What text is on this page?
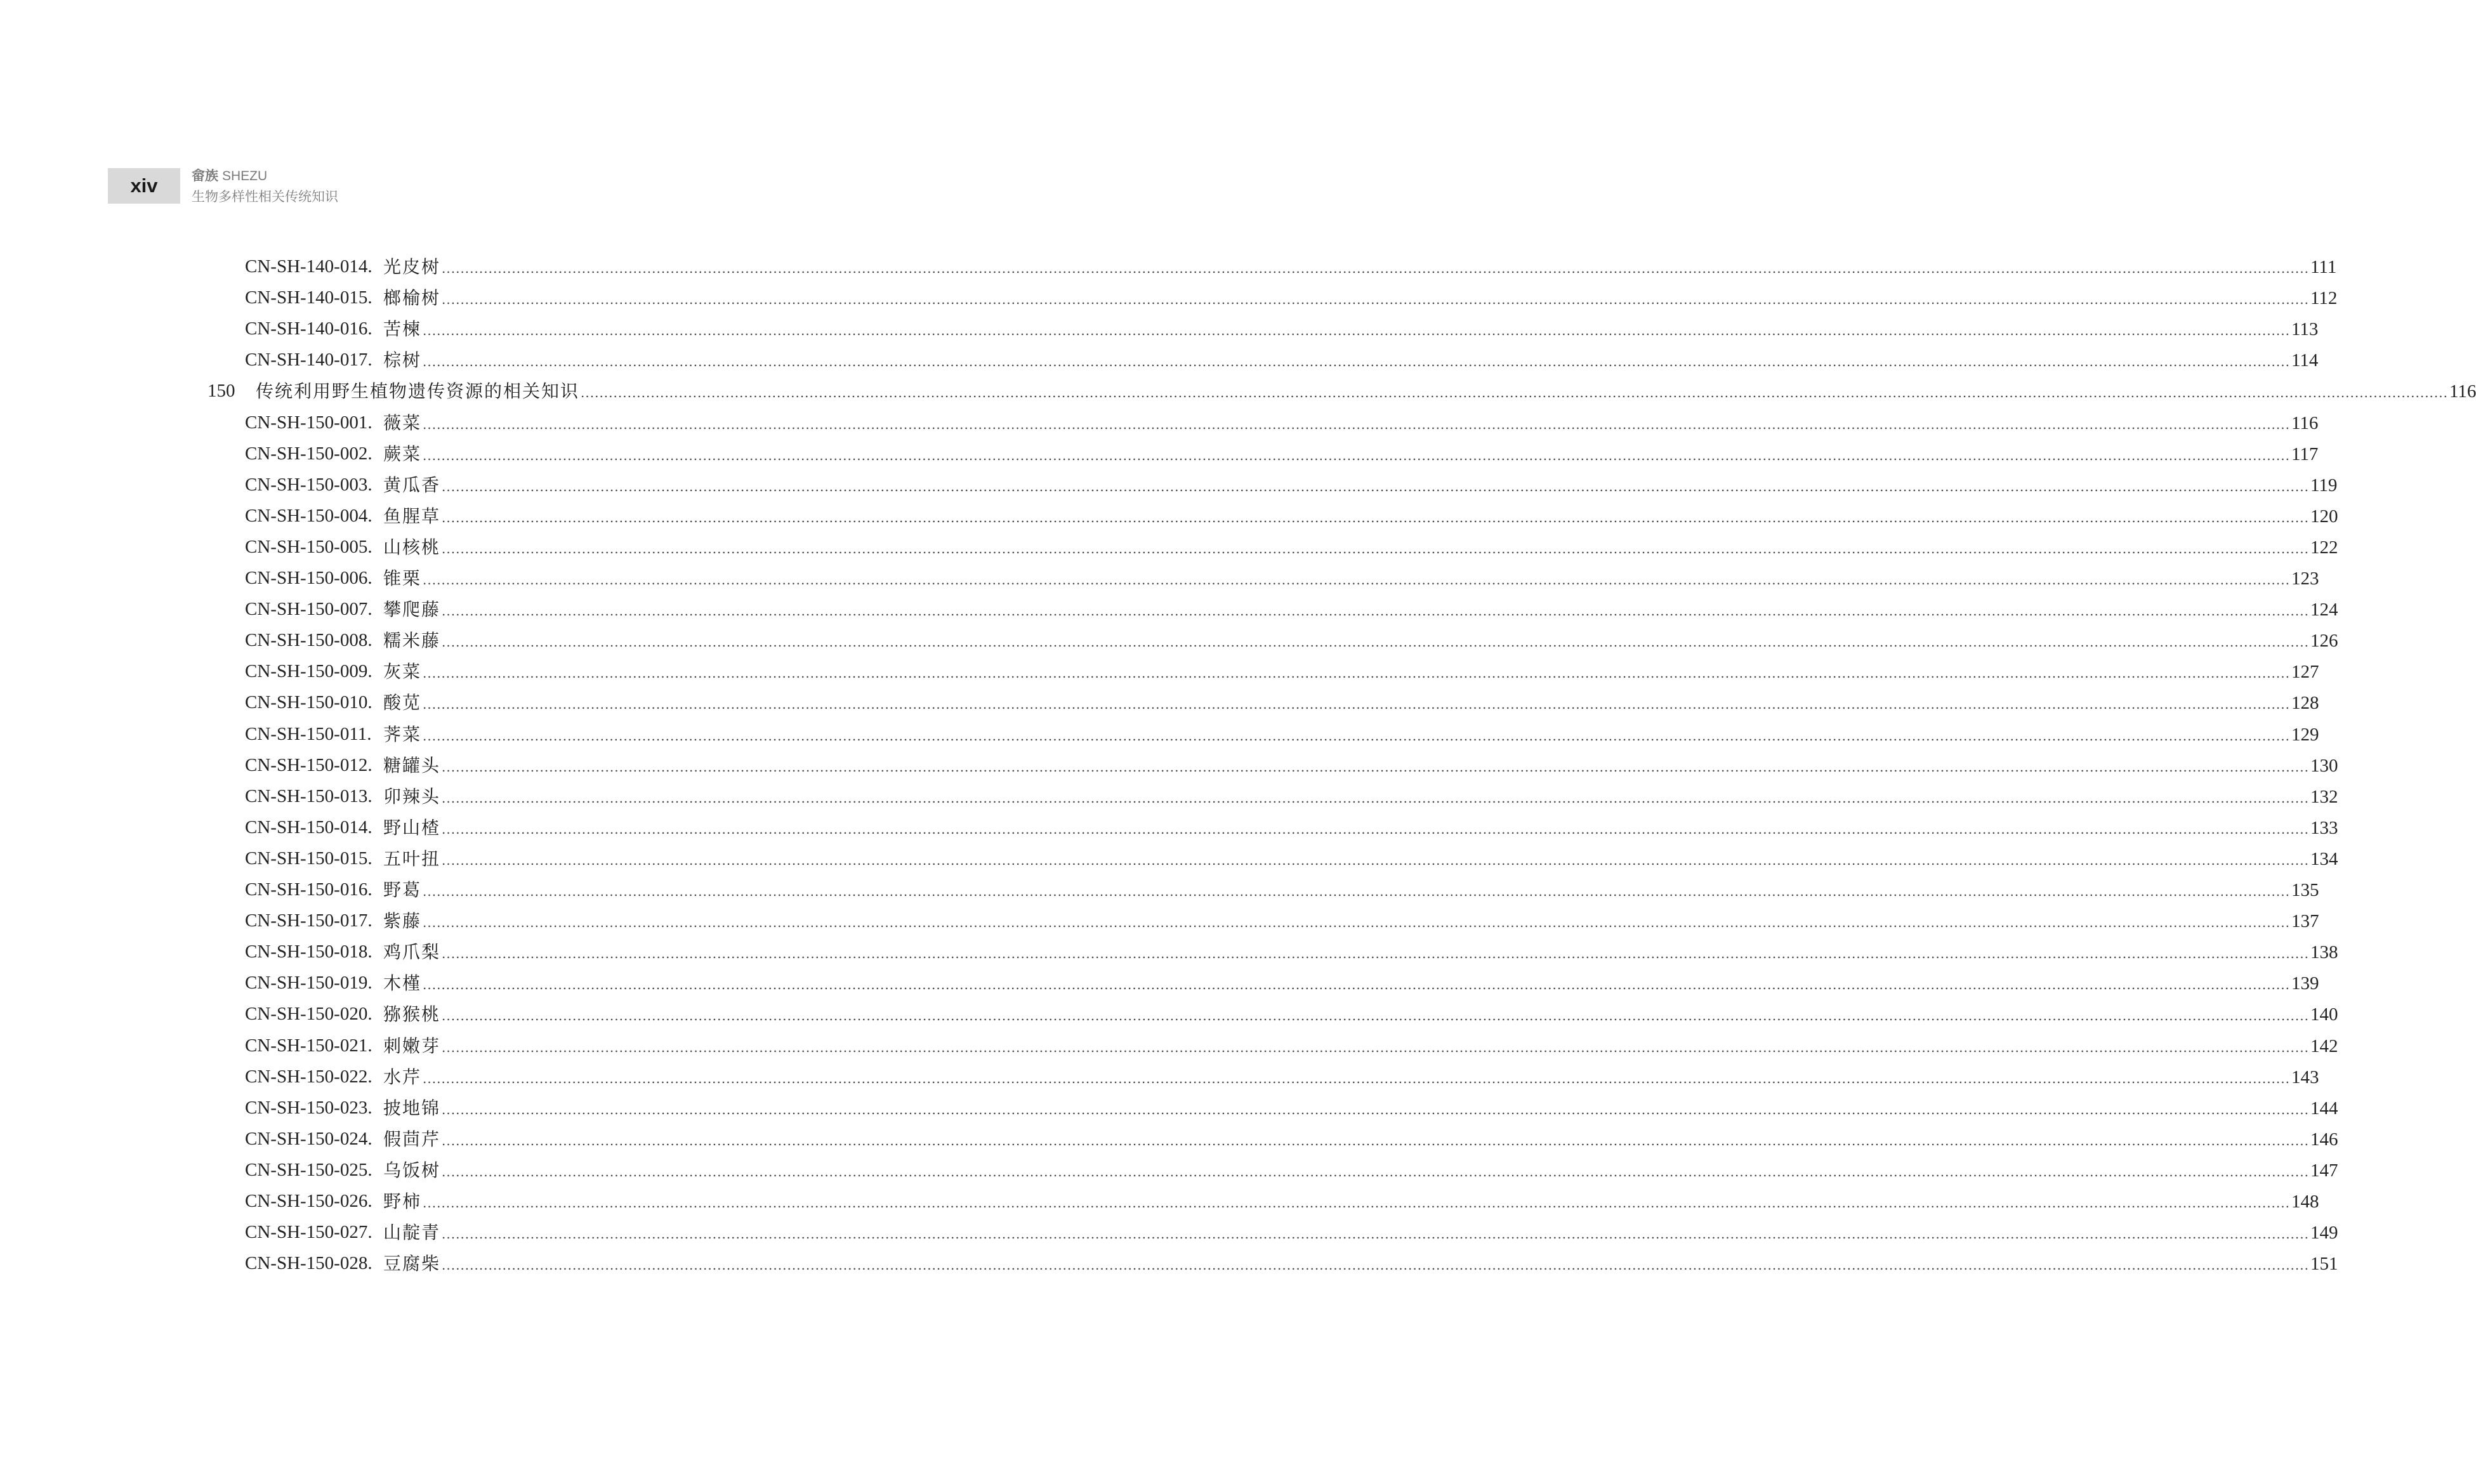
xiv	畲族 SHEZU
生物多样性相关传统知识
CN-SH-140-014. 光皮树 ................................................................................................................................................................................................................................................................................................................................................................................................................ 111
CN-SH-140-015. 榔榆树 ................................................................................................................................................................................................................................................................................................................................................................................................................ 112
CN-SH-140-016. 苦楝 ................................................................................................................................................................................................................................................................................................................................................................................................................ 113
CN-SH-140-017. 棕树 ................................................................................................................................................................................................................................................................................................................................................................................................................ 114
150 传统利用野生植物遗传资源的相关知识 ................................................................................................................................................................................................................................................................................................................................................................................................................ 116
CN-SH-150-001. 薇菜 ................................................................................................................................................................................................................................................................................................................................................................................................................ 116
CN-SH-150-002. 蕨菜 ................................................................................................................................................................................................................................................................................................................................................................................................................ 117
CN-SH-150-003. 黄瓜香 ................................................................................................................................................................................................................................................................................................................................................................................................................ 119
CN-SH-150-004. 鱼腥草 ................................................................................................................................................................................................................................................................................................................................................................................................................ 120
CN-SH-150-005. 山核桃 ................................................................................................................................................................................................................................................................................................................................................................................................................ 122
CN-SH-150-006. 锥栗 ................................................................................................................................................................................................................................................................................................................................................................................................................ 123
CN-SH-150-007. 攀爬藤 ................................................................................................................................................................................................................................................................................................................................................................................................................ 124
CN-SH-150-008. 糯米藤 ................................................................................................................................................................................................................................................................................................................................................................................................................ 126
CN-SH-150-009. 灰菜 ................................................................................................................................................................................................................................................................................................................................................................................................................ 127
CN-SH-150-010. 酸苋 ................................................................................................................................................................................................................................................................................................................................................................................................................ 128
CN-SH-150-011. 荠菜 ................................................................................................................................................................................................................................................................................................................................................................................................................ 129
CN-SH-150-012. 糖罐头 ................................................................................................................................................................................................................................................................................................................................................................................................................ 130
CN-SH-150-013. 卯辣头 ................................................................................................................................................................................................................................................................................................................................................................................................................ 132
CN-SH-150-014. 野山楂 ................................................................................................................................................................................................................................................................................................................................................................................................................ 133
CN-SH-150-015. 五叶扭 ................................................................................................................................................................................................................................................................................................................................................................................................................ 134
CN-SH-150-016. 野葛 ................................................................................................................................................................................................................................................................................................................................................................................................................ 135
CN-SH-150-017. 紫藤 ................................................................................................................................................................................................................................................................................................................................................................................................................ 137
CN-SH-150-018. 鸡爪梨 ................................................................................................................................................................................................................................................................................................................................................................................................................ 138
CN-SH-150-019. 木槿 ................................................................................................................................................................................................................................................................................................................................................................................................................ 139
CN-SH-150-020. 猕猴桃 ................................................................................................................................................................................................................................................................................................................................................................................................................ 140
CN-SH-150-021. 刺嫩芽 ................................................................................................................................................................................................................................................................................................................................................................................................................ 142
CN-SH-150-022. 水芹 ................................................................................................................................................................................................................................................................................................................................................................................................................ 143
CN-SH-150-023. 披地锦 ................................................................................................................................................................................................................................................................................................................................................................................................................ 144
CN-SH-150-024. 假茴芹 ................................................................................................................................................................................................................................................................................................................................................................................................................ 146
CN-SH-150-025. 乌饭树 ................................................................................................................................................................................................................................................................................................................................................................................................................ 147
CN-SH-150-026. 野柿 ................................................................................................................................................................................................................................................................................................................................................................................................................ 148
CN-SH-150-027. 山靛青 ................................................................................................................................................................................................................................................................................................................................................................................................................ 149
CN-SH-150-028. 豆腐柴 ................................................................................................................................................................................................................................................................................................................................................................................................................ 151
